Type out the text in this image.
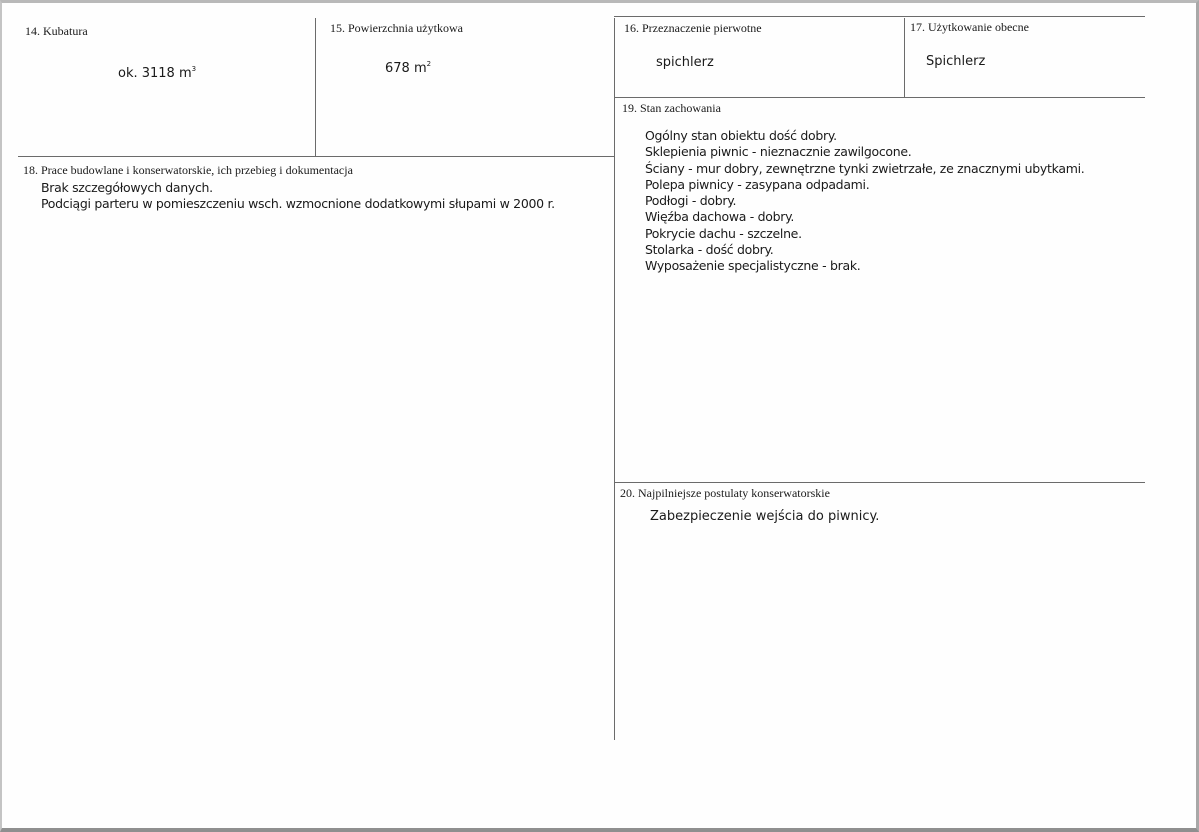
14. Kubatura
ok. 3118 $m^3$
15. Powierzchnia użytkowa
678 $m^2$
16. Przeznaczenie pierwotne
spichlerz
17. Użytkowanie obecne
Spichlerz
18. Prace budowlane i konserwatorskie, ich przebieg i dokumentacja
Brak szczegółowych danych.
Podciągi parteru w pomieszczeniu wsch. wzmocnione dodatkowymi słupami w 2000 r.
19. Stan zachowania
Ogólny stan obiektu dość dobry.
Sklepienia piwnic - nieznacznie zawilgocone.
Ściany - mur dobry, zewnętrzne tynki zwietrzałe, ze znacznymi ubytkami.
Polepa piwnicy - zasypana odpadami.
Podłogi - dobry.
Więźba dachowa - dobry.
Pokrycie dachu - szczelne.
Stolarka - dość dobry.
Wyposażenie specjalistyczne - brak.
20. Najpilniejsze postulaty konserwatorskie
Zabezpieczenie wejścia do piwnicy.
